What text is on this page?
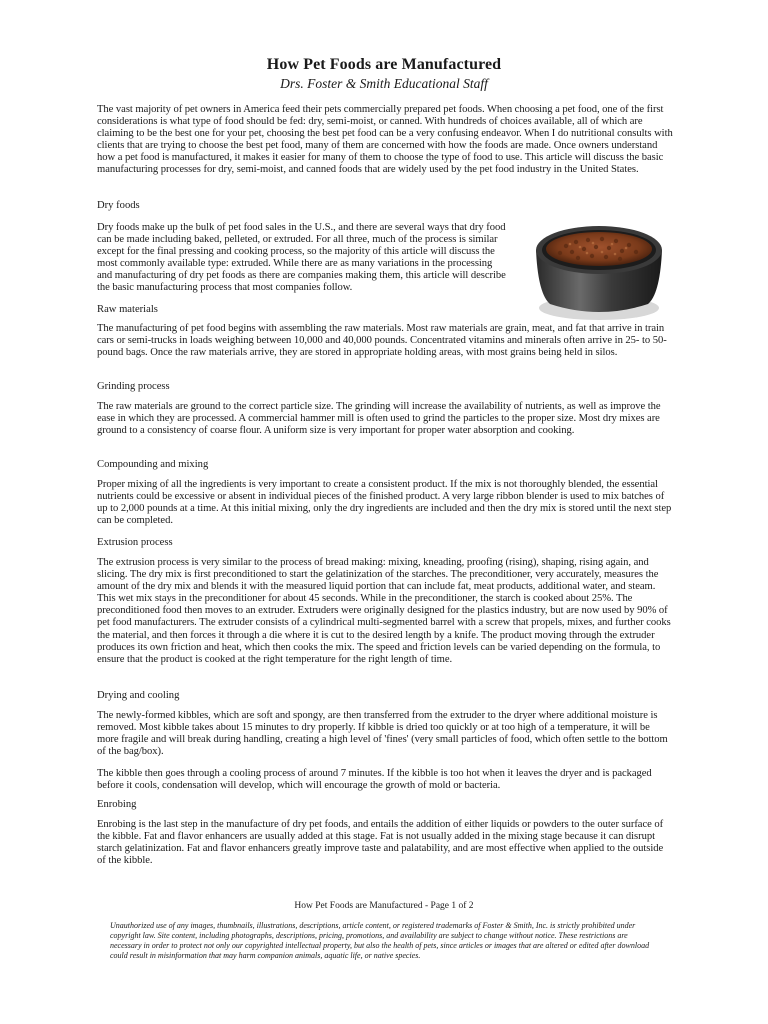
How Pet Foods are Manufactured
Drs. Foster & Smith Educational Staff

The vast majority of pet owners in America feed their pets commercially prepared pet foods. When choosing a pet food, one of the first considerations is what type of food should be fed: dry, semi-moist, or canned. With hundreds of choices available, all of which are claiming to be the best one for your pet, choosing the best pet food can be a very confusing endeavor. When I do nutritional consults with clients that are trying to choose the best pet food, many of them are concerned with how the foods are made. Once owners understand how a pet food is manufactured, it makes it easier for many of them to choose the type of food to use. This article will discuss the basic manufacturing processes for dry, semi-moist, and canned foods that are widely used by the pet food industry in the United States.

Dry foods

Dry foods make up the bulk of pet food sales in the U.S., and there are several ways that dry food can be made including baked, pelleted, or extruded. For all three, much of the process is similar except for the final pressing and cooking process, so the majority of this article will discuss the most commonly available type: extruded. While there are as many variations in the processing and manufacturing of dry pet foods as there are companies making them, this article will describe the basic manufacturing process that most companies follow.

Raw materials

The manufacturing of pet food begins with assembling the raw materials. Most raw materials are grain, meat, and fat that arrive in train cars or semi-trucks in loads weighing between 10,000 and 40,000 pounds. Concentrated vitamins and minerals often arrive in 25- to 50-pound bags. Once the raw materials arrive, they are stored in appropriate holding areas, with most grains being held in silos.

Grinding process

The raw materials are ground to the correct particle size. The grinding will increase the availability of nutrients, as well as improve the ease in which they are processed. A commercial hammer mill is often used to grind the particles to the proper size. Most dry mixes are ground to a consistency of coarse flour. A uniform size is very important for proper water absorption and cooking.

Compounding and mixing

Proper mixing of all the ingredients is very important to create a consistent product. If the mix is not thoroughly blended, the essential nutrients could be excessive or absent in individual pieces of the finished product. A very large ribbon blender is used to mix batches of up to 2,000 pounds at a time. At this initial mixing, only the dry ingredients are included and then the dry mix is stored until the next step can be completed.

Extrusion process

The extrusion process is very similar to the process of bread making: mixing, kneading, proofing (rising), shaping, rising again, and slicing. The dry mix is first preconditioned to start the gelatinization of the starches. The preconditioner, very accurately, measures the amount of the dry mix and blends it with the measured liquid portion that can include fat, meat products, additional water, and steam. This wet mix stays in the preconditioner for about 45 seconds. While in the preconditioner, the starch is cooked about 25%. The preconditioned food then moves to an extruder. Extruders were originally designed for the plastics industry, but are now used by 90% of pet food manufacturers. The extruder consists of a cylindrical multi-segmented barrel with a screw that propels, mixes, and further cooks the material, and then forces it through a die where it is cut to the desired length by a knife. The product moving through the extruder produces its own friction and heat, which then cooks the mix. The speed and friction levels can be varied depending on the formula, to ensure that the product is cooked at the right temperature for the right length of time.

Drying and cooling

The newly-formed kibbles, which are soft and spongy, are then transferred from the extruder to the dryer where additional moisture is removed. Most kibble takes about 15 minutes to dry properly. If kibble is dried too quickly or at too high of a temperature, it will be more fragile and will break during handling, creating a high level of 'fines' (very small particles of food, which often settle to the bottom of the bag/box).

The kibble then goes through a cooling process of around 7 minutes. If the kibble is too hot when it leaves the dryer and is packaged before it cools, condensation will develop, which will encourage the growth of mold or bacteria.

Enrobing

Enrobing is the last step in the manufacture of dry pet foods, and entails the addition of either liquids or powders to the outer surface of the kibble. Fat and flavor enhancers are usually added at this stage. Fat is not usually added in the mixing stage because it can disrupt starch gelatinization. Fat and flavor enhancers greatly improve taste and palatability, and are most effective when applied to the outside of the kibble.

How Pet Foods are Manufactured - Page 1 of 2

Unauthorized use of any images, thumbnails, illustrations, descriptions, article content, or registered trademarks of Foster & Smith, Inc. is strictly prohibited under copyright law. Site content, including photographs, descriptions, pricing, promotions, and availability are subject to change without notice. These restrictions are necessary in order to protect not only our copyrighted intellectual property, but also the health of pets, since articles or images that are altered or edited after download could result in misinformation that may harm companion animals, aquatic life, or native species.
